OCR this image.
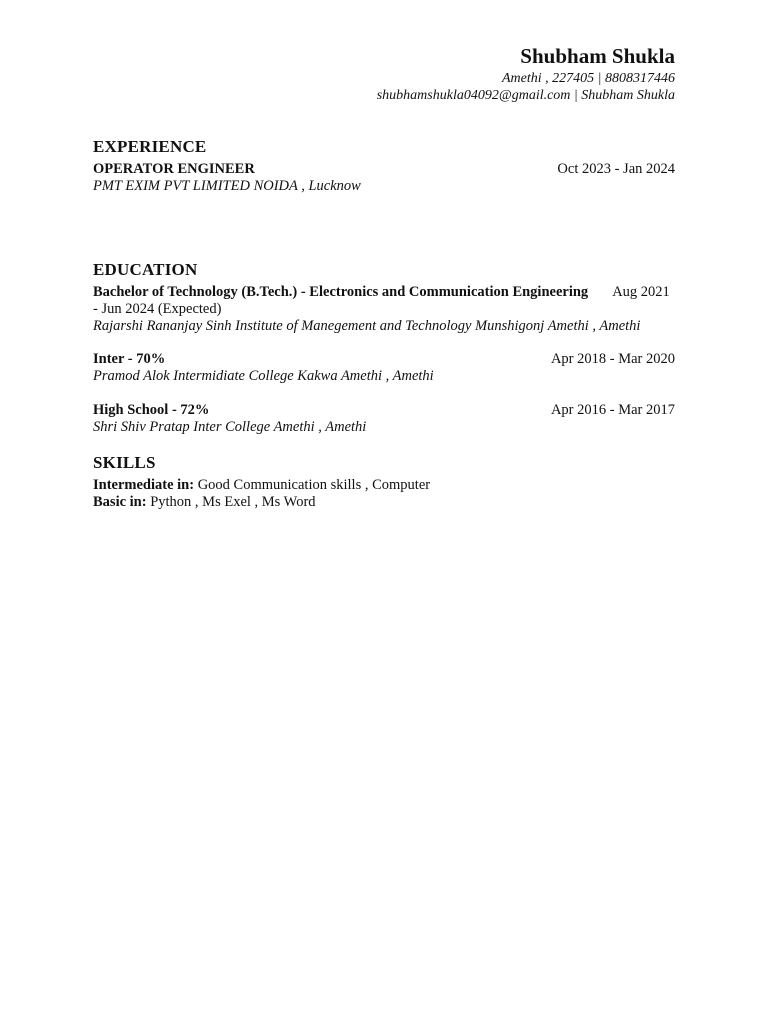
Shubham Shukla
Amethi , 227405 | 8808317446
shubhamshukla04092@gmail.com | Shubham Shukla
EXPERIENCE
OPERATOR ENGINEER	Oct 2023 - Jan 2024
PMT EXIM PVT LIMITED NOIDA , Lucknow
EDUCATION
Bachelor of Technology (B.Tech.) - Electronics and Communication Engineering Aug 2021 - Jun 2024 (Expected)
Rajarshi Rananjay Sinh Institute of Manegement and Technology Munshigonj Amethi , Amethi
Inter - 70%	Apr 2018 - Mar 2020
Pramod Alok Intermidiate College Kakwa Amethi , Amethi
High School - 72%	Apr 2016 - Mar 2017
Shri Shiv Pratap Inter College Amethi , Amethi
SKILLS
Intermediate in: Good Communication skills , Computer
Basic in: Python , Ms Exel , Ms Word
